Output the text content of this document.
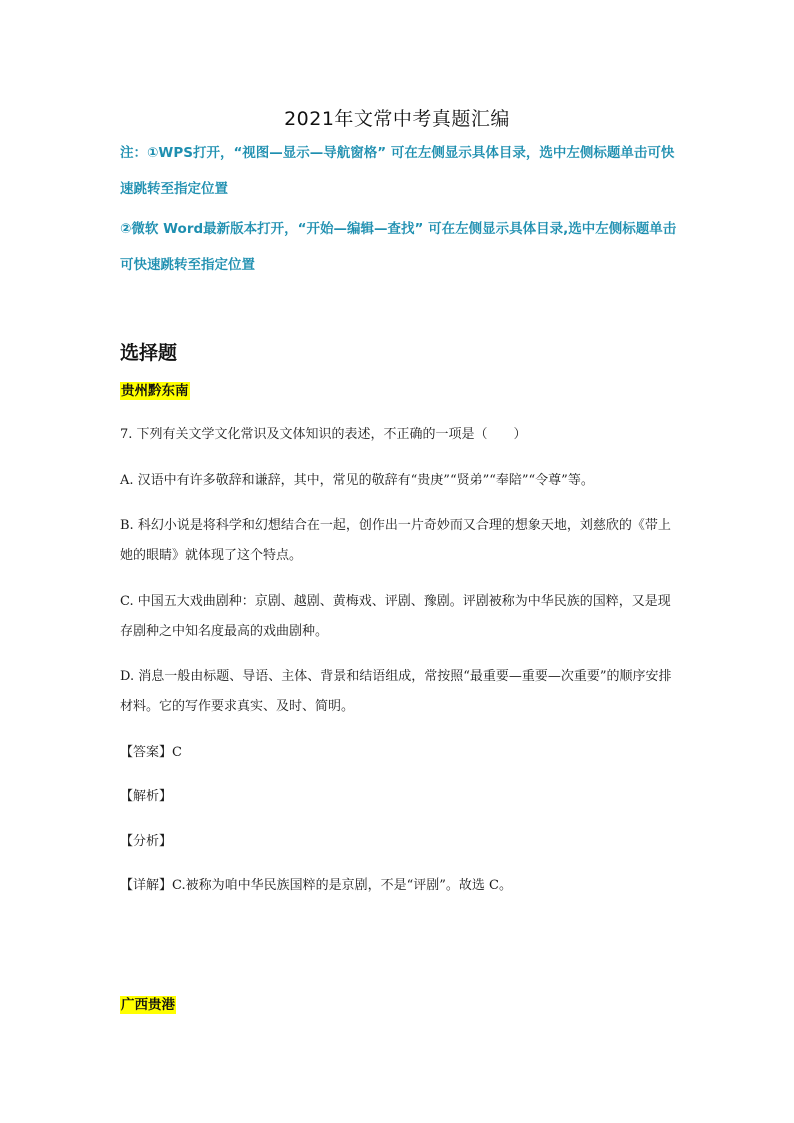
2021年文常中考真题汇编
注：①WPS打开，“视图—显示—导航窗格” 可在左侧显示具体目录，选中左侧标题单击可快速跳转至指定位置
②微软 Word最新版本打开，“开始—编辑—查找” 可在左侧显示具体目录,选中左侧标题单击可快速跳转至指定位置
选择题
贵州黔东南
7. 下列有关文学文化常识及文体知识的表述，不正确的一项是（　　）
A. 汉语中有许多敬辞和谦辞，其中，常见的敬辞有“贵庚”“贤弟”“奉陪”“令尊”等。
B. 科幻小说是将科学和幻想结合在一起，创作出一片奇妙而又合理的想象天地，刘慈欣的《带上她的眼睛》就体现了这个特点。
C. 中国五大戏曲剧种：京剧、越剧、黄梅戏、评剧、豫剧。评剧被称为中华民族的国粹，又是现存剧种之中知名度最高的戏曲剧种。
D. 消息一般由标题、导语、主体、背景和结语组成，常按照“最重要—重要—次重要”的顺序安排材料。它的写作要求真实、及时、简明。
【答案】C
【解析】
【分析】
【详解】C.被称为咱中华民族国粹的是京剧，不是“评剧”。故选 C。
广西贵港
